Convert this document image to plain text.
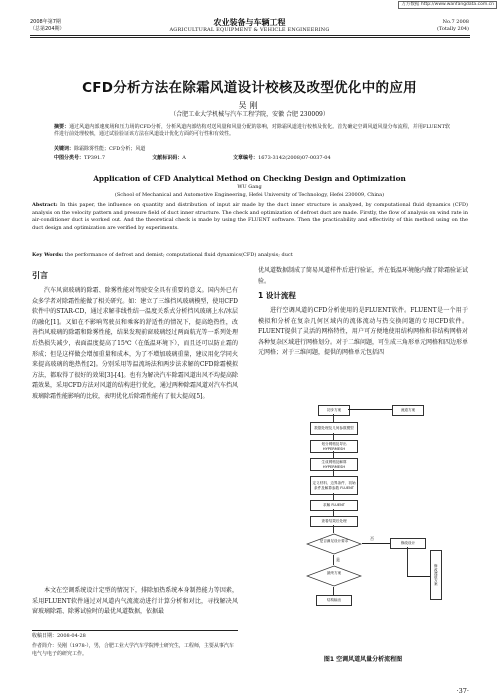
万方数据 http://www.wanfangdata.com.cn
2008年第7期
（总第204期）
农业装备与车辆工程
AGRICULTURAL EQUIPMENT & VEHICLE ENGINEERING
No.7 2008
(Totally 204)
CFD分析方法在除霜风道设计校核及改型优化中的应用
吴刚
（合肥工业大学机械与汽车工程学院，安徽 合肥 230009）
摘要：通过风道内部速度场和压力场的CFD分析，分析风道内部结构对送风量和风量分配的影响，对除霜风道进行校核及优化。首先确定空调风道风量分布流程，并用FLUENT软件进行前处理校核，通过试验验证该方法在风道设计优化方面的可行性和有效性。
关键词：除霜除雾性能；CFD分析；风道
中图分类号：TP391.7	文献标识码：A	文章编号：1673-3142(2008)07-0037-04
Application of CFD Analytical Method on Checking Design and Optimization
WU Gang
(School of Mechanical and Automotive Engineering, Hefei University of Technology, Hefei 230009, China)
Abstract: In this paper, the influence on quantity and distribution of input air made by the duct inner structure is analyzed, by computational fluid dynamics (CFD) analysis on the velocity pattern and pressure field of duct inner structure. The check and optimization of defrost duct are made. Firstly, the flow of analysis on wind rate in air-conditioner duct is worked out. And the theoretical check is made by using the FLUENT software. Then the practicability and effectivity of this method using on the duct design and optimization are verified by experiments.
Key Words: the performance of defrost and demist; computational fluid dynamics(CFD) analysis; duct
引言
汽车风窗玻璃的除霜、除雾性能对驾驶安全具有重要的意义。国内外已有众多学者对除霜性能做了相关研究。如：建立了三维挡风玻璃模型，使用CFD软件中的STAR-CD，通过求解非线性结一温度关系式分析挡风玻璃上水/冰层的融化[1]。又如在不影响驾驶员和乘客的舒适性的情况下，提高绝热性，改善挡风玻璃的除霜和除雾性能，结果发现前窗玻璃经过两面航光等一系列处理后热损失减少，表面温度提高了15℃（在低温环境下），而且还可以防止霜的形成；但是这样做会增加重量和成本，为了不增加玻璃重量，建议用化学同火来提高玻璃的绝热性[2]。分别采用等温流场法和两步法求解的CFD除霜模拟方法，都取得了很好的效果[3]-[4]。也有为解决汽车除霜风道出风不均提高除霜效果，采用CFD方法对风道的结构进行优化，通过两种除霜风道对汽车挡风玻璃除霜性能影响的比较，表明优化后除霜性能有了很大提高[5]。
本文在空调系统设计定型的情况下，排除加热系统本身制热能力等因素，采用FLUENT软件通过对风道内气流流动进行计算分析和对比，寻找解决风窗玻璃除霜、除雾试验时的最优风道数据，依据最
收稿日期：2008-04-28
作者简介：吴刚（1978-），男，合肥工业大学汽车学院博士研究生，工程师，主要从事汽车电气与电子的研究工作。
优风道数据制成了简易风道样件后进行验证，并在低温环境舱内做了除霜验证试验。
1 设计流程
进行空调风道的CFD分析使用的是FLUENT软件。FLUENT是一个用于模拟和分析在复杂几何区域内的流体流动与热交换问题的专用CFD软件。FLUENT提供了灵活的网格特性，用户可方便地使用结构网格和非结构网格对各种复杂区域进行网格划分。对于二维问题，可生成三角形单元网格和四边形单元网格；对于三维问题，提供的网格单元包括四
初步方案	流道方案
数据处理及几何参数模型
划分网格及导出 HYPERMESH
生成网格及解算 HYPERMESH
定义材料、边界条件、初始条件及解算参数 FLUENT
求解 FLUENT
查看结果后处理
是否满足设计要求
修改设计
否
是
最终方案
结构输出
修改流道方案
图1 空调风道风量分析流程图
·37·
